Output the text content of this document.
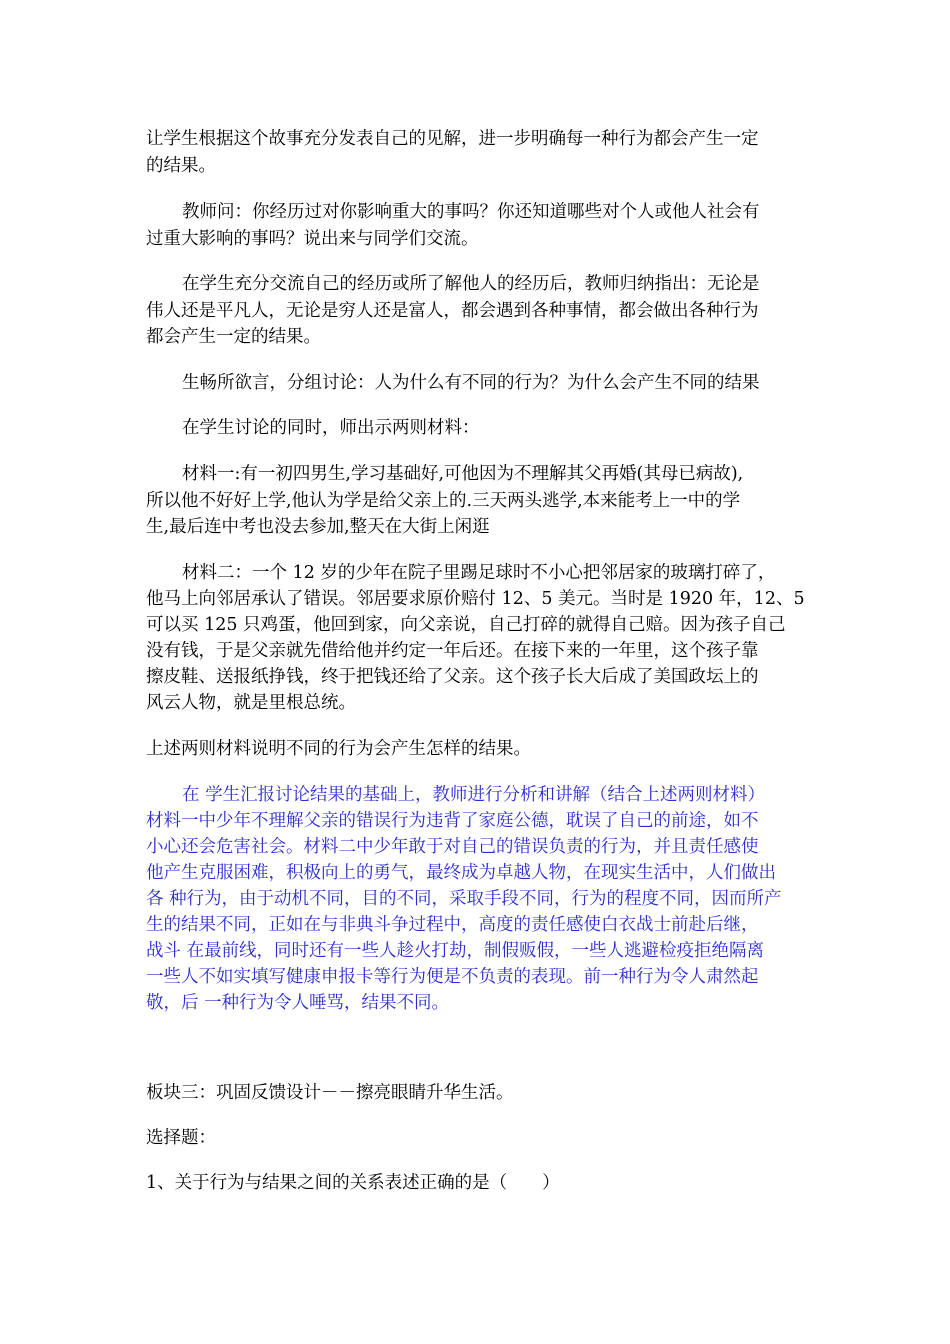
让学生根据这个故事充分发表自己的见解，进一步明确每一种行为都会产生一定
的结果。
教师问：你经历过对你影响重大的事吗？你还知道哪些对个人或他人社会有
过重大影响的事吗？说出来与同学们交流。
在学生充分交流自己的经历或所了解他人的经历后，教师归纳指出：无论是
伟人还是平凡人，无论是穷人还是富人，都会遇到各种事情，都会做出各种行为
都会产生一定的结果。
生畅所欲言，分组讨论：人为什么有不同的行为？为什么会产生不同的结果
在学生讨论的同时，师出示两则材料：
材料一:有一初四男生,学习基础好,可他因为不理解其父再婚(其母已病故),
所以他不好好上学,他认为学是给父亲上的.三天两头逃学,本来能考上一中的学
生,最后连中考也没去参加,整天在大街上闲逛
材料二：一个 12 岁的少年在院子里踢足球时不小心把邻居家的玻璃打碎了，
他马上向邻居承认了错误。邻居要求原价赔付 12、5 美元。当时是 1920 年，12、5
可以买 125 只鸡蛋，他回到家，向父亲说，自己打碎的就得自己赔。因为孩子自己
没有钱，于是父亲就先借给他并约定一年后还。在接下来的一年里，这个孩子靠
擦皮鞋、送报纸挣钱，终于把钱还给了父亲。这个孩子长大后成了美国政坛上的
风云人物，就是里根总统。
上述两则材料说明不同的行为会产生怎样的结果。
在 学生汇报讨论结果的基础上，教师进行分析和讲解（结合上述两则材料）
材料一中少年不理解父亲的错误行为违背了家庭公德，耽误了自己的前途，如不
小心还会危害社会。材料二中少年敢于对自己的错误负责的行为，并且责任感使
他产生克服困难，积极向上的勇气，最终成为卓越人物，在现实生活中，人们做出
各 种行为，由于动机不同，目的不同，采取手段不同，行为的程度不同，因而所产
生的结果不同，正如在与非典斗争过程中，高度的责任感使白衣战士前赴后继，
战斗 在最前线，同时还有一些人趁火打劫，制假贩假，一些人逃避检疫拒绝隔离
一些人不如实填写健康申报卡等行为便是不负责的表现。前一种行为令人肃然起
敬，后 一种行为令人唾骂，结果不同。
板块三：巩固反馈设计－－擦亮眼睛升华生活。
选择题：
1、关于行为与结果之间的关系表述正确的是（　　）
